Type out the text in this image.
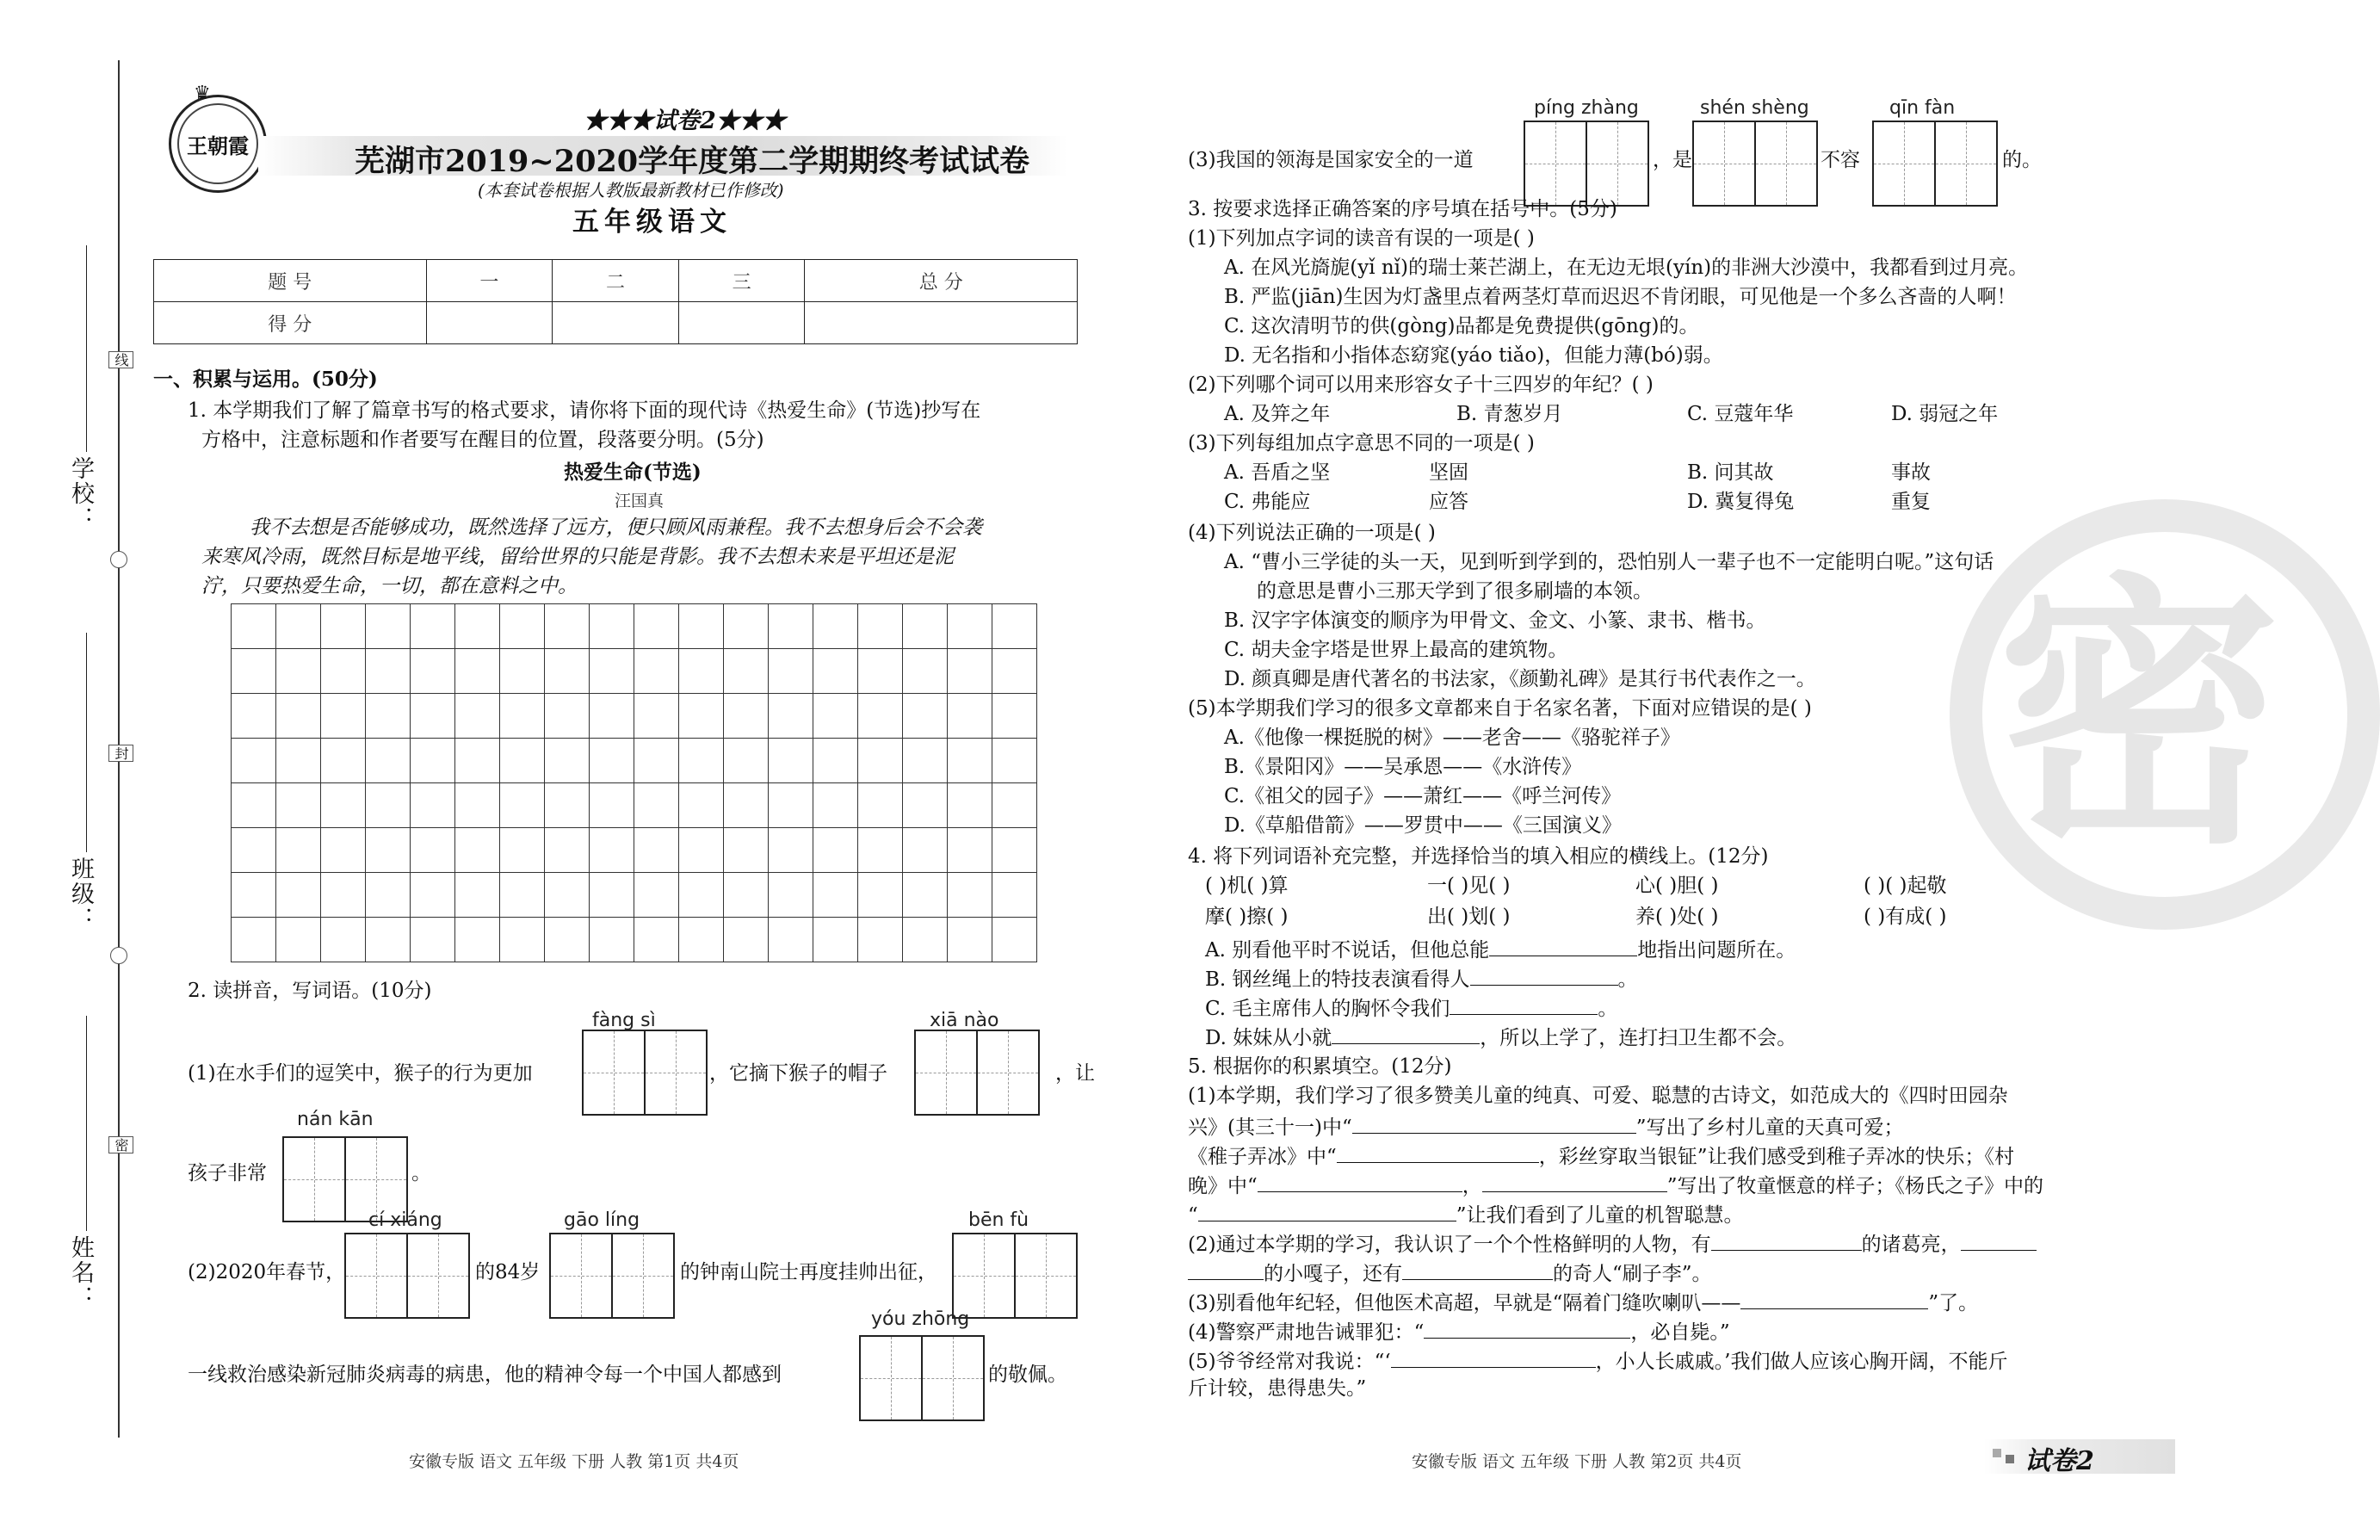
学校：
线
班级：
封
姓名：
密
王朝霞
♛
★★★试卷2★★★
芜湖市2019~2020学年度第二学期期终考试试卷
(本套试卷根据人教版最新教材已作修改)
五年级语文
题 号	一	二	三	总 分
得 分				
一、积累与运用。(50分)
1. 本学期我们了解了篇章书写的格式要求，请你将下面的现代诗《热爱生命》(节选)抄写在
方格中，注意标题和作者要写在醒目的位置，段落要分明。(5分)
热爱生命(节选)
汪国真
我不去想是否能够成功，既然选择了远方，便只顾风雨兼程。我不去想身后会不会袭
来寒风冷雨，既然目标是地平线，留给世界的只能是背影。我不去想未来是平坦还是泥
泞，只要热爱生命，一切，都在意料之中。

2. 读拼音，写词语。(10分)
fàng sì	xiā nào
(1)在水手们的逗笑中，猴子的行为更加	，它摘下猴子的帽子	，让
nán kān
孩子非常	。
cí xiáng	gāo líng	bēn fù
(2)2020年春节，	的84岁	的钟南山院士再度挂帅出征，
yóu zhōng
一线救治感染新冠肺炎病毒的病患，他的精神令每一个中国人都感到	的敬佩。
安徽专版 语文 五年级 下册 人教 第1页 共4页
密
píng zhàng	shén shèng	qīn fàn
(3)我国的领海是国家安全的一道	，是	不容	的。
3. 按要求选择正确答案的序号填在括号中。(5分)
(1)下列加点字词的读音有误的一项是( )
A. 在风光旖旎(yǐ nǐ)的瑞士莱芒湖上，在无边无垠(yín)的非洲大沙漠中，我都看到过月亮。
B. 严监(jiān)生因为灯盏里点着两茎灯草而迟迟不肯闭眼，可见他是一个多么吝啬的人啊！
C. 这次清明节的供(gòng)品都是免费提供(gōng)的。
D. 无名指和小指体态窈窕(yáo tiǎo)，但能力薄(bó)弱。
(2)下列哪个词可以用来形容女子十三四岁的年纪？( )
A. 及笄之年	B. 青葱岁月	C. 豆蔻年华	D. 弱冠之年
(3)下列每组加点字意思不同的一项是( )
A. 吾盾之坚	坚固	B. 问其故	事故
C. 弗能应	应答	D. 冀复得兔	重复
(4)下列说法正确的一项是( )
A. “曹小三学徒的头一天，见到听到学到的，恐怕别人一辈子也不一定能明白呢。”这句话
的意思是曹小三那天学到了很多刷墙的本领。
B. 汉字字体演变的顺序为甲骨文、金文、小篆、隶书、楷书。
C. 胡夫金字塔是世界上最高的建筑物。
D. 颜真卿是唐代著名的书法家，《颜勤礼碑》是其行书代表作之一。
(5)本学期我们学习的很多文章都来自于名家名著，下面对应错误的是( )
A.《他像一棵挺脱的树》——老舍——《骆驼祥子》
B.《景阳冈》——吴承恩——《水浒传》
C.《祖父的园子》——萧红——《呼兰河传》
D.《草船借箭》——罗贯中——《三国演义》
4. 将下列词语补充完整，并选择恰当的填入相应的横线上。(12分)
( )机( )算	一( )见( )	心( )胆( )	( )( )起敬
摩( )擦( )	出( )划( )	养( )处( )	( )有成( )
A. 别看他平时不说话，但他总能	地指出问题所在。
B. 钢丝绳上的特技表演看得人	。
C. 毛主席伟人的胸怀令我们	。
D. 妹妹从小就	，所以上学了，连打扫卫生都不会。
5. 根据你的积累填空。(12分)
(1)本学期，我们学习了很多赞美儿童的纯真、可爱、聪慧的古诗文，如范成大的《四时田园杂
兴》(其三十一)中“	”写出了乡村儿童的天真可爱；
《稚子弄冰》中“	，彩丝穿取当银钲”让我们感受到稚子弄冰的快乐；《村
晚》中“	，	”写出了牧童惬意的样子；《杨氏之子》中的
“	”让我们看到了儿童的机智聪慧。
(2)通过本学期的学习，我认识了一个个性格鲜明的人物，有	的诸葛亮，
的小嘎子，还有	的奇人“刷子李”。
(3)别看他年纪轻，但他医术高超，早就是“隔着门缝吹喇叭——	”了。
(4)警察严肃地告诫罪犯：“	，必自毙。”
(5)爷爷经常对我说：“‘	，小人长戚戚。’我们做人应该心胸开阔，不能斤
斤计较，患得患失。”
安徽专版 语文 五年级 下册 人教 第2页 共4页	试卷2
